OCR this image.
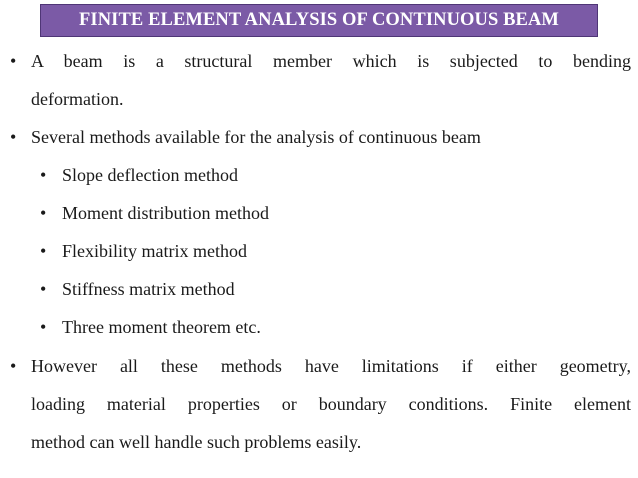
FINITE ELEMENT ANALYSIS OF CONTINUOUS BEAM
• A beam is a structural member which is subjected to bending
deformation.
• Several methods available for the analysis of continuous beam
• Slope deflection method
• Moment distribution method
• Flexibility matrix method
• Stiffness matrix method
• Three moment theorem etc.
• However all these methods have limitations if either geometry,
loading material properties or boundary conditions. Finite element
method can well handle such problems easily.
